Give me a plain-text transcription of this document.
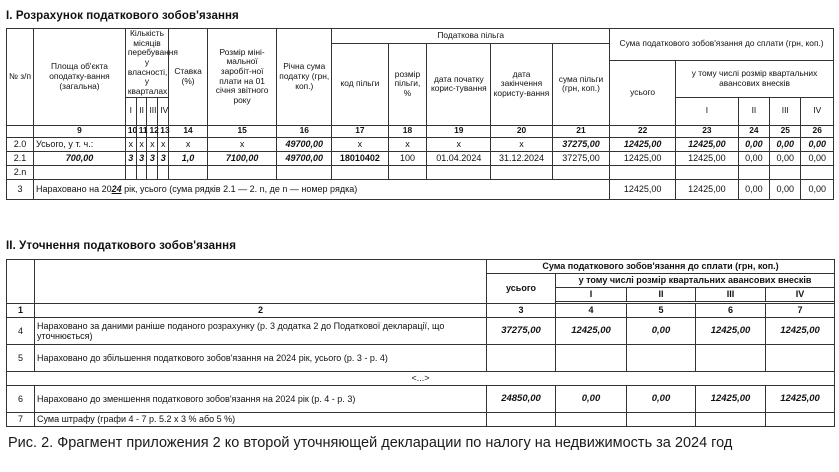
I. Розрахунок податкового зобов'язання
№ з/п	Площа об'єкта оподатку-вання (загальна)	Кількість місяців перебування у власності, у кварталах				Ставка (%)	Розмір міні-мальної заробіт-ної плати на 01 січня звітного року	Річна сума податку (грн, коп.)	Податкова пільга					Сума податкового зобов'язання до сплати (грн, коп.)				
									код пільги	розмір пільги, %	дата початку корис-тування	дата закінчення користу-вання	сума пільги (грн, коп.)					
														усього	у тому числі розмір квартальних авансових внесків			
		I	II	III	IV										I	II	III	IV
	9	10	11	12	13	14	15	16	17	18	19	20	21	22	23	24	25	26
2.0	Усього, у т. ч.:	x	x	x	x	x	x	49700,00	x	x	x	x	37275,00	12425,00	12425,00	0,00	0,00	0,00
2.1	700,00	3	3	3	3	1,0	7100,00	49700,00	18010402	100	01.04.2024	31.12.2024	37275,00	12425,00	12425,00	0,00	0,00	0,00
2.n																		
3	Нараховано на 2024 рік, усього (сума рядків 2.1 — 2. n, де n — номер рядка)													12425,00	12425,00	0,00	0,00	0,00
II. Уточнення податкового зобов'язання
		Сума податкового зобов'язання до сплати (грн, коп.)				
		усього	у тому числі розмір квартальних авансових внесків			
			I	II	III	IV

1	2	3	4	5	6	7
4	Нараховано за даними раніше поданого розрахунку (р. 3 додатка 2 до Податкової декларації, що уточнюється)	37275,00	12425,00	0,00	12425,00	12425,00
5	Нараховано до збільшення податкового зобов'язання на 2024 рік, усього (р. 3 - р. 4)					
<...>						
6	Нараховано до зменшення податкового зобов'язання на 2024 рік (р. 4 - р. 3)	24850,00	0,00	0,00	12425,00	12425,00
7	Сума штрафу (графи 4 - 7 р. 5.2 х 3 % або 5 %)					
Рис. 2. Фрагмент приложения 2 ко второй уточняющей декларации по налогу на недвижимость за 2024 год
